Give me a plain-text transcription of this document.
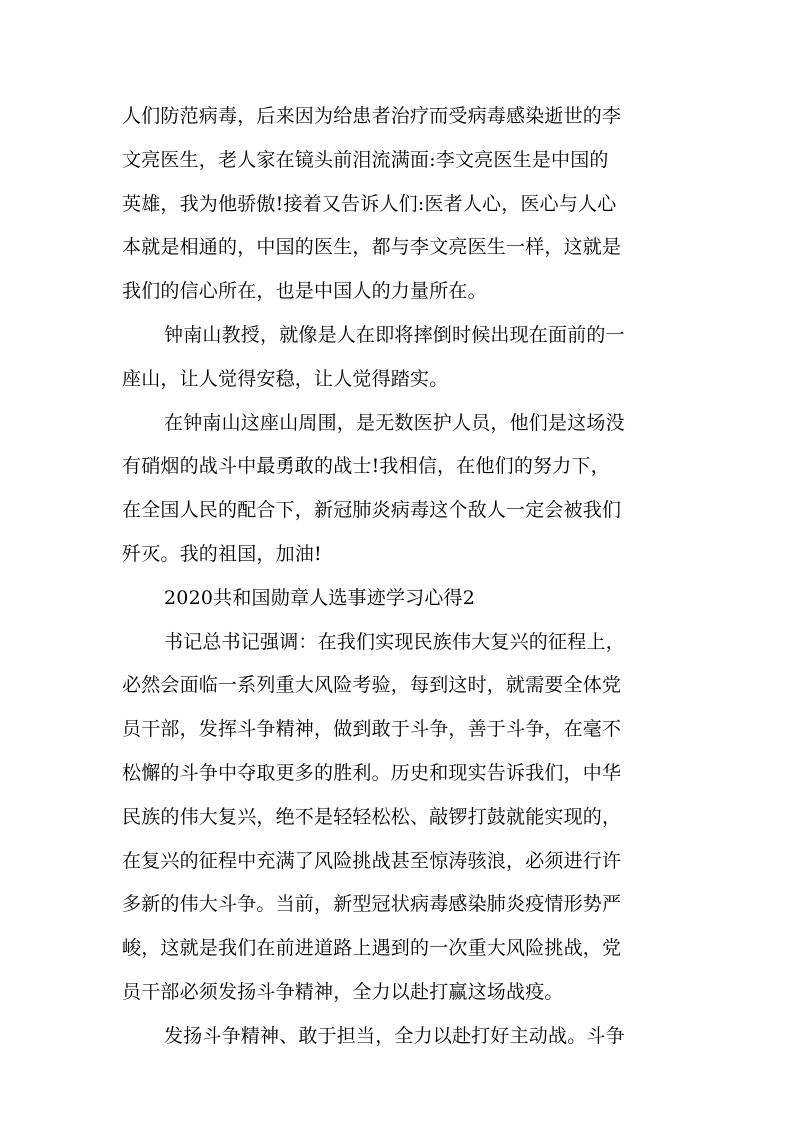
人们防范病毒，后来因为给患者治疗而受病毒感染逝世的李
文亮医生，老人家在镜头前泪流满面:李文亮医生是中国的
英雄，我为他骄傲!接着又告诉人们:医者人心，医心与人心
本就是相通的，中国的医生，都与李文亮医生一样，这就是
我们的信心所在，也是中国人的力量所在。
钟南山教授，就像是人在即将摔倒时候出现在面前的一
座山，让人觉得安稳，让人觉得踏实。
在钟南山这座山周围，是无数医护人员，他们是这场没
有硝烟的战斗中最勇敢的战士!我相信，在他们的努力下，
在全国人民的配合下，新冠肺炎病毒这个敌人一定会被我们
歼灭。我的祖国，加油!
2020共和国勋章人选事迹学习心得2
书记总书记强调：在我们实现民族伟大复兴的征程上，
必然会面临一系列重大风险考验，每到这时，就需要全体党
员干部，发挥斗争精神，做到敢于斗争，善于斗争，在毫不
松懈的斗争中夺取更多的胜利。历史和现实告诉我们，中华
民族的伟大复兴，绝不是轻轻松松、敲锣打鼓就能实现的，
在复兴的征程中充满了风险挑战甚至惊涛骇浪，必须进行许
多新的伟大斗争。当前，新型冠状病毒感染肺炎疫情形势严
峻，这就是我们在前进道路上遇到的一次重大风险挑战，党
员干部必须发扬斗争精神，全力以赴打赢这场战疫。
发扬斗争精神、敢于担当，全力以赴打好主动战。斗争
